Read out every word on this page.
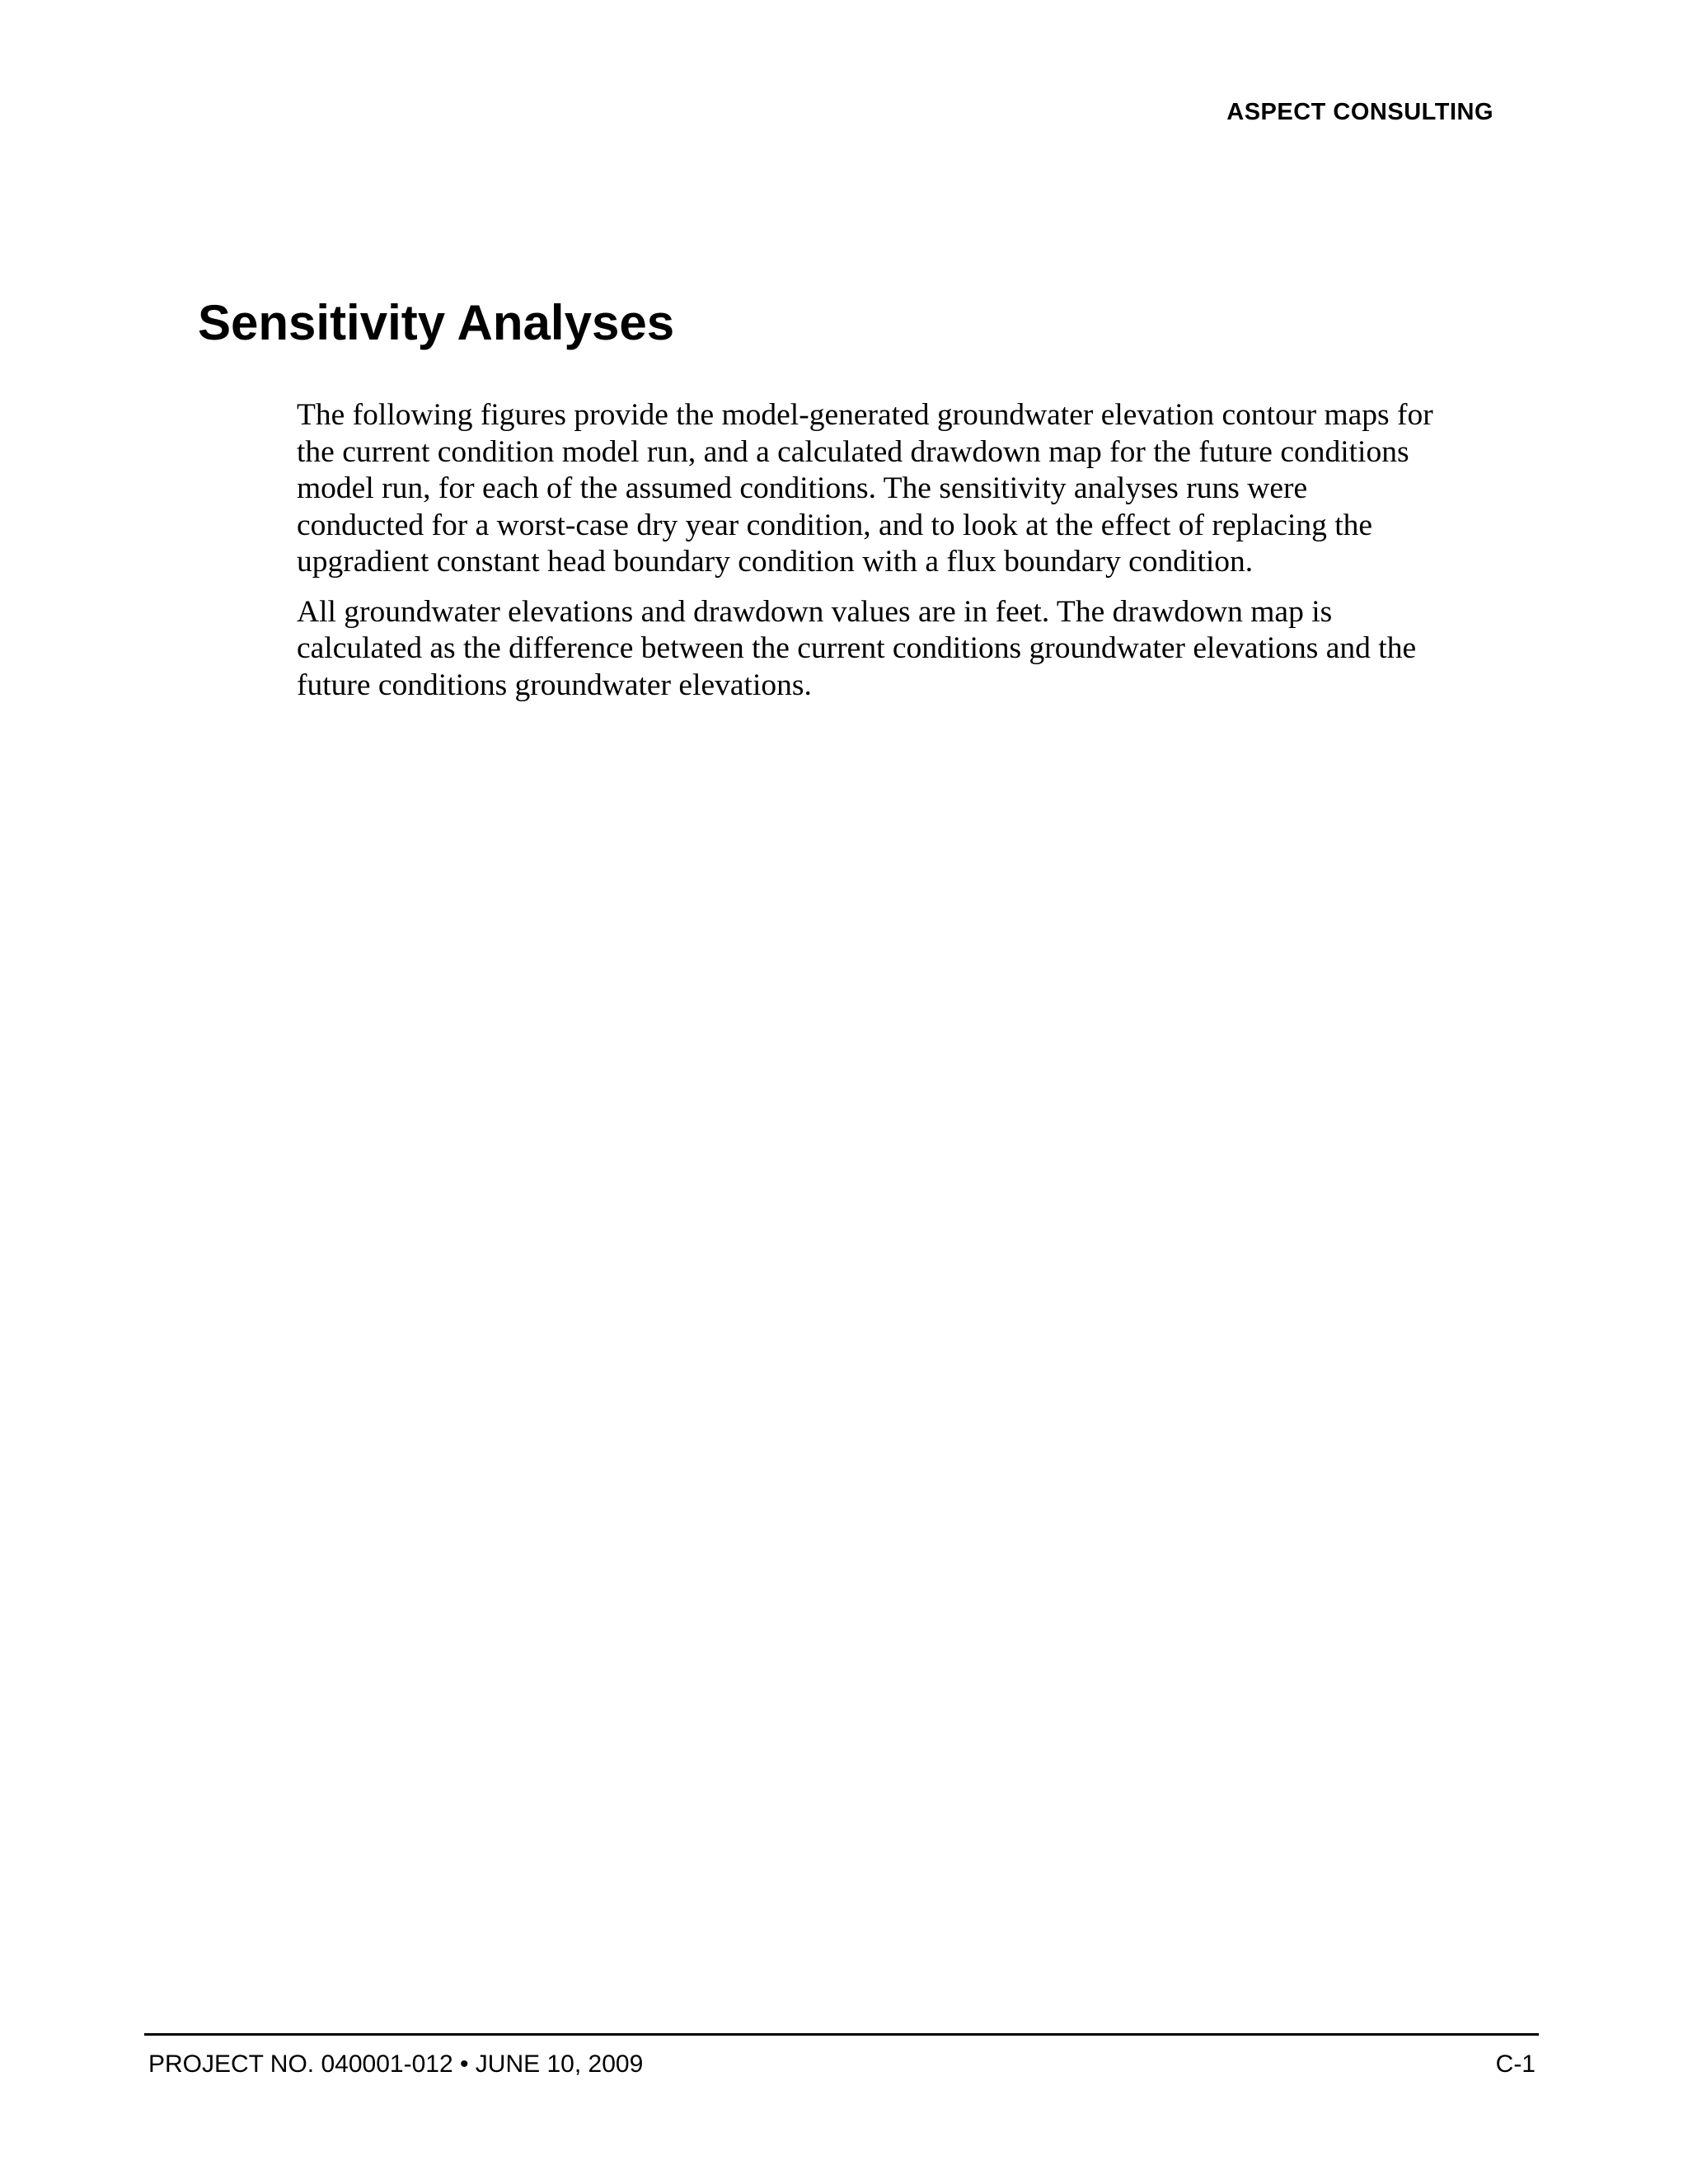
ASPECT CONSULTING
Sensitivity Analyses

The following figures provide the model-generated groundwater elevation contour maps for the current condition model run, and a calculated drawdown map for the future conditions model run, for each of the assumed conditions. The sensitivity analyses runs were conducted for a worst-case dry year condition, and to look at the effect of replacing the upgradient constant head boundary condition with a flux boundary condition.

All groundwater elevations and drawdown values are in feet. The drawdown map is calculated as the difference between the current conditions groundwater elevations and the future conditions groundwater elevations.

PROJECT NO. 040001-012 • JUNE 10, 2009	C-1
